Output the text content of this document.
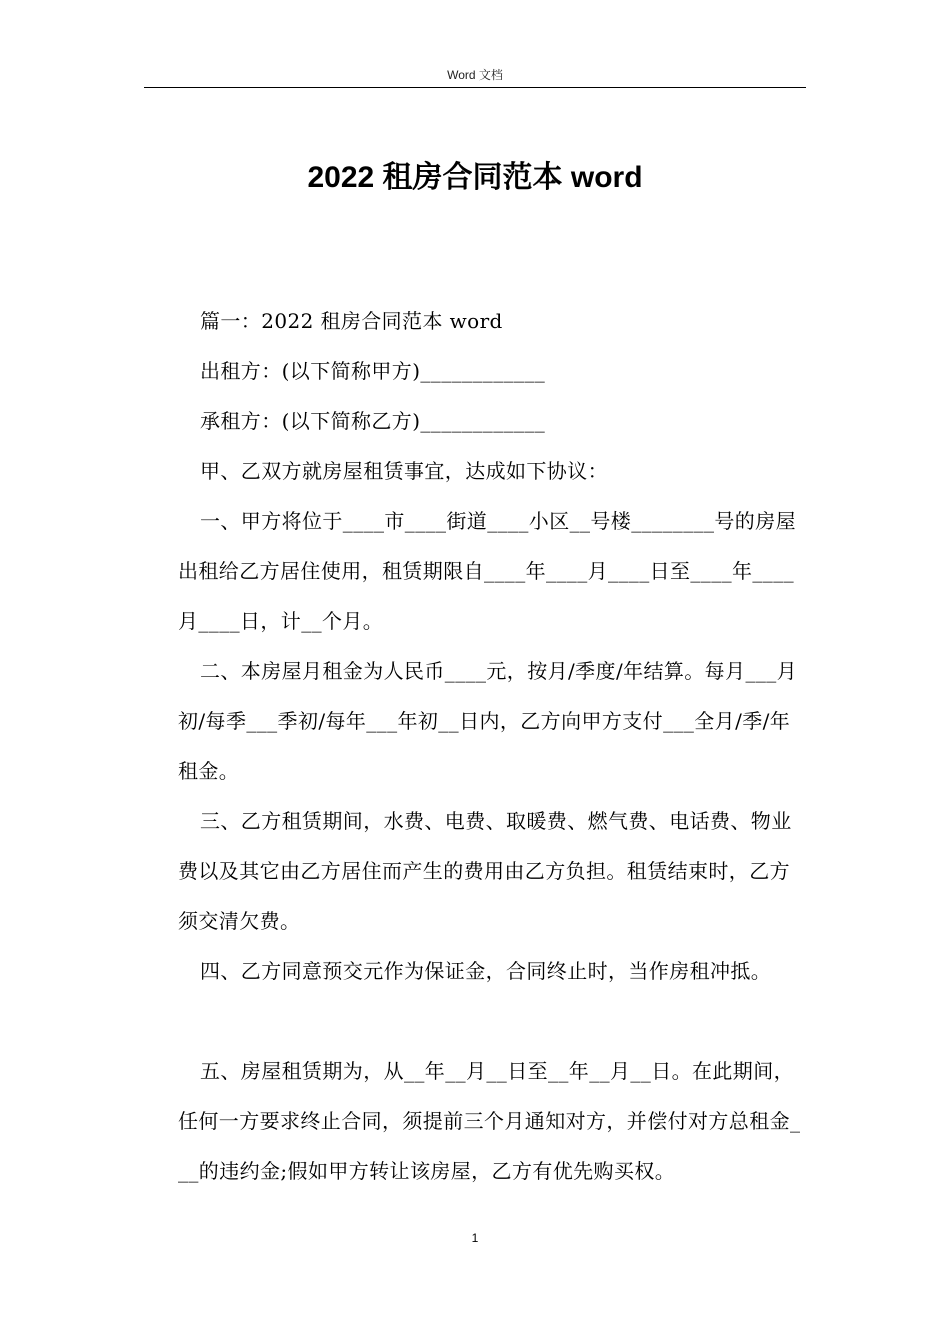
Word 文档
2022 租房合同范本 word

篇一：2022 租房合同范本 word

出租方：(以下简称甲方)____________

承租方：(以下简称乙方)____________

甲、乙双方就房屋租赁事宜，达成如下协议：

一、甲方将位于____市____街道____小区__号楼________号的房屋出租给乙方居住使用，租赁期限自____年____月____日至____年____月____日，计__个月。

二、本房屋月租金为人民币____元，按月/季度/年结算。每月___月初/每季___季初/每年___年初__日内，乙方向甲方支付___全月/季/年租金。

三、乙方租赁期间，水费、电费、取暖费、燃气费、电话费、物业费以及其它由乙方居住而产生的费用由乙方负担。租赁结束时，乙方须交清欠费。

四、乙方同意预交元作为保证金，合同终止时，当作房租冲抵。

五、房屋租赁期为，从__年__月__日至__年__月__日。在此期间，任何一方要求终止合同，须提前三个月通知对方，并偿付对方总租金___的违约金;假如甲方转让该房屋，乙方有优先购买权。

1
